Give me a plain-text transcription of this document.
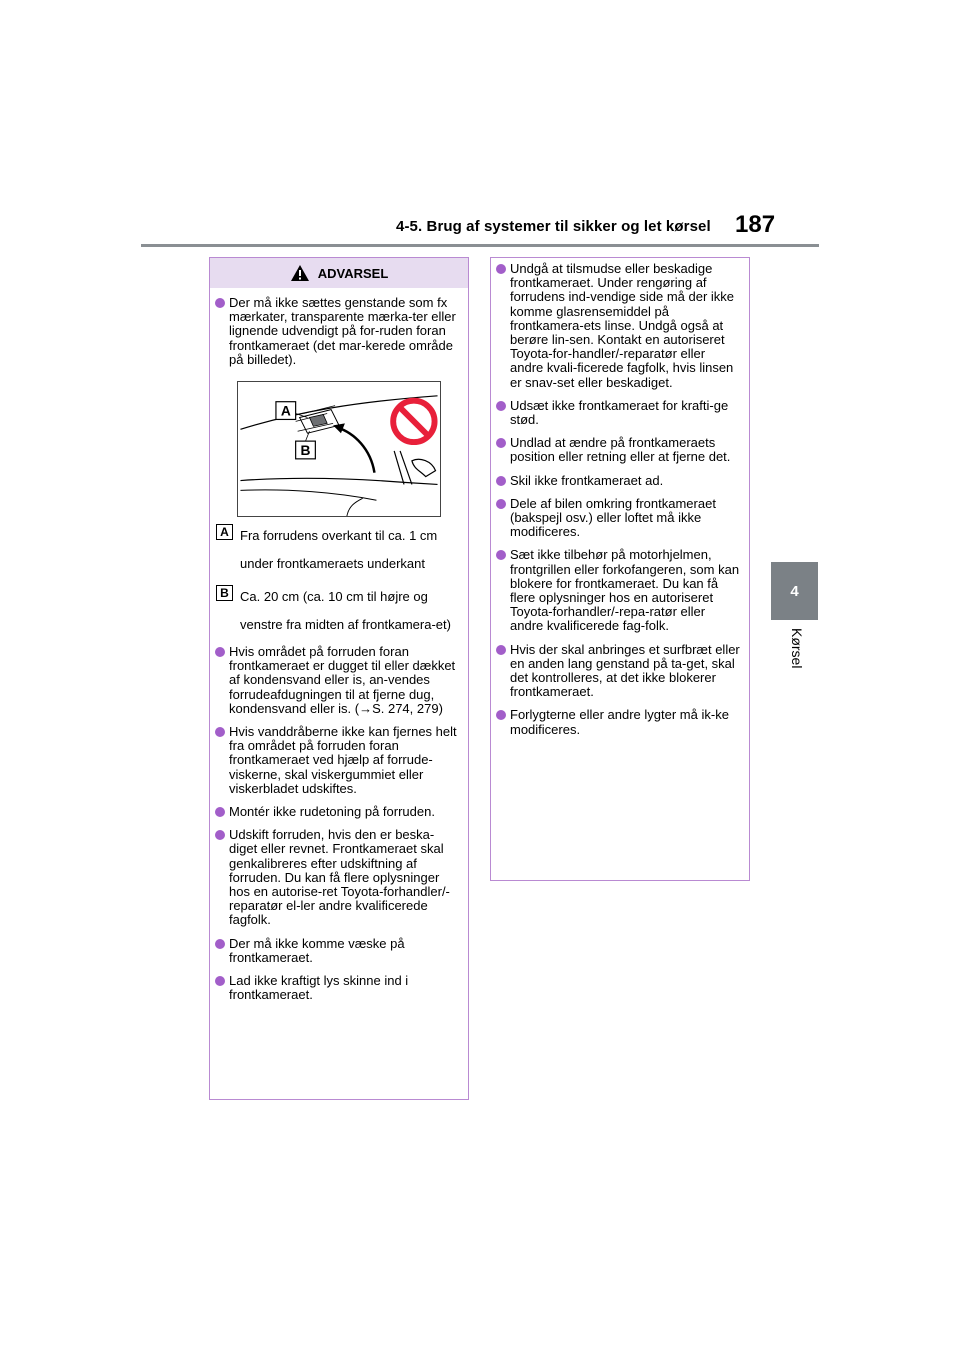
4-5. Brug af systemer til sikker og let kørsel 187
4
Kørsel
ADVARSEL
Der må ikke sættes genstande som fx mærkater, transparente mærka-ter eller lignende udvendigt på for-ruden foran frontkameraet (det mar-kerede område på billedet).
A
B
A Fra forrudens overkant til ca. 1 cm under frontkameraets underkant
B Ca. 20 cm (ca. 10 cm til højre og venstre fra midten af frontkamera-et)
Hvis området på forruden foran frontkameraet er dugget til eller dækket af kondensvand eller is, an-vendes forrudeafdugningen til at fjerne dug, kondensvand eller is. (→S. 274, 279)
Hvis vanddråberne ikke kan fjernes helt fra området på forruden foran frontkameraet ved hjælp af forrude-viskerne, skal viskergummiet eller viskerbladet udskiftes.
Montér ikke rudetoning på forruden.
Udskift forruden, hvis den er beska-diget eller revnet. Frontkameraet skal genkalibreres efter udskiftning af forruden. Du kan få flere oplysninger hos en autorise-ret Toyota-forhandler/-reparatør el-ler andre kvalificerede fagfolk.
Der må ikke komme væske på frontkameraet.
Lad ikke kraftigt lys skinne ind i frontkameraet.
Undgå at tilsmudse eller beskadige frontkameraet. Under rengøring af forrudens ind-vendige side må der ikke komme glasrensemiddel på frontkamera-ets linse. Undgå også at berøre lin-sen. Kontakt en autoriseret Toyota-for-handler/-reparatør eller andre kvali-ficerede fagfolk, hvis linsen er snav-set eller beskadiget.
Udsæt ikke frontkameraet for krafti-ge stød.
Undlad at ændre på frontkameraets position eller retning eller at fjerne det.
Skil ikke frontkameraet ad.
Dele af bilen omkring frontkameraet (bakspejl osv.) eller loftet må ikke modificeres.
Sæt ikke tilbehør på motorhjelmen, frontgrillen eller forkofangeren, som kan blokere for frontkameraet. Du kan få flere oplysninger hos en autoriseret Toyota-forhandler/-repa-ratør eller andre kvalificerede fag-folk.
Hvis der skal anbringes et surfbræt eller en anden lang genstand på ta-get, skal det kontrolleres, at det ikke blokerer frontkameraet.
Forlygterne eller andre lygter må ik-ke modificeres.
